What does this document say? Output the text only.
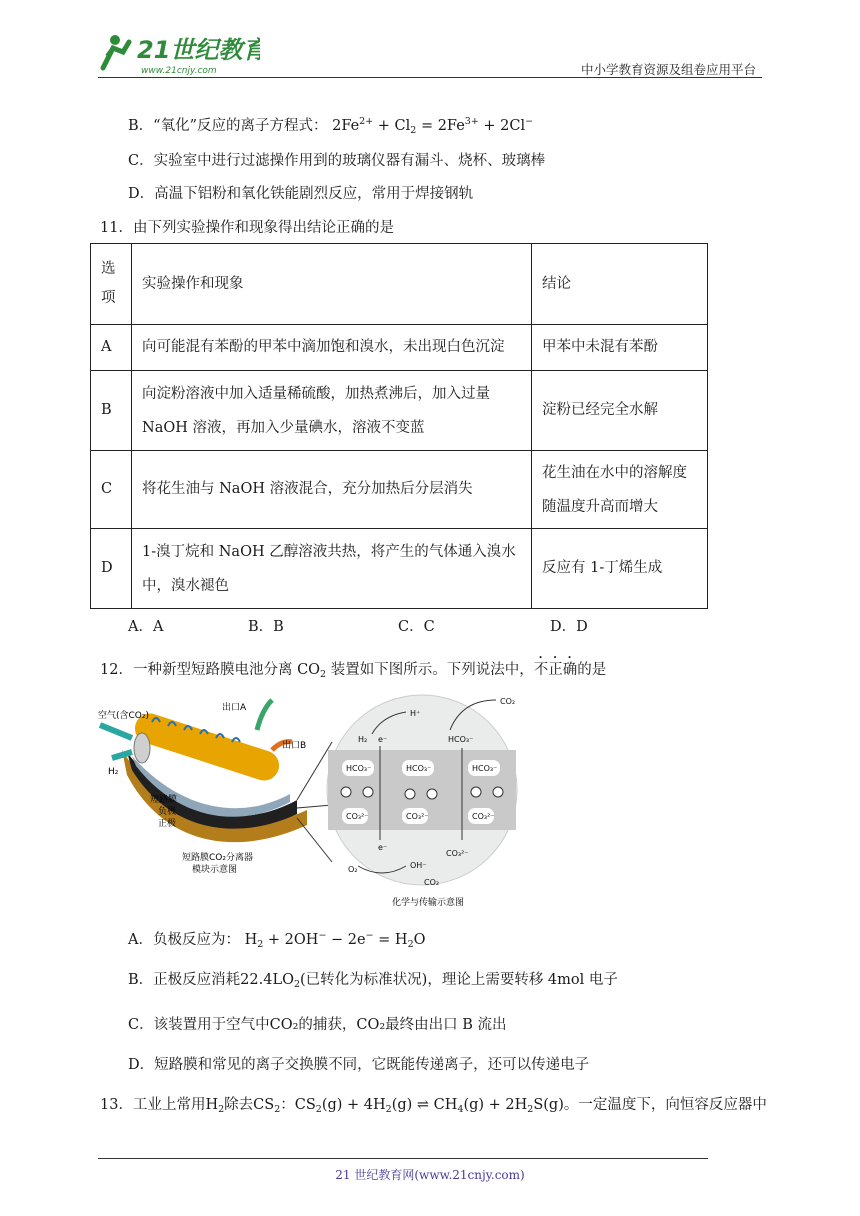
21世纪教育
www.21cnjy.com	中小学教育资源及组卷应用平台
B．“氧化”反应的离子方程式： $2Fe^{2+} + Cl_2 = 2Fe^{3+} + 2Cl^-$
C．实验室中进行过滤操作用到的玻璃仪器有漏斗、烧杯、玻璃棒
D．高温下铝粉和氧化铁能剧烈反应，常用于焊接钢轨
11．由下列实验操作和现象得出结论正确的是
选
项	实验操作和现象	结论
A	向可能混有苯酚的甲苯中滴加饱和溴水，未出现白色沉淀	甲苯中未混有苯酚
B	向淀粉溶液中加入适量稀硫酸，加热煮沸后，加入过量NaOH 溶液，再加入少量碘水，溶液不变蓝	淀粉已经完全水解
C	将花生油与 NaOH 溶液混合，充分加热后分层消失	花生油在水中的溶解度随温度升高而增大
D	1-溴丁烷和 NaOH 乙醇溶液共热，将产生的气体通入溴水中，溴水褪色	反应有 1-丁烯生成
A．A	B．B	C．C	D．D
12．一种新型短路膜电池分离 $CO_2$ 装置如下图所示。下列说法中，不正确的是
空气(含CO₂)
H₂
出口A
出口B
短路膜
负极
正极
短路膜CO₂分离器
模块示意图
HCO₃⁻	HCO₃⁻	HCO₃⁻
CO₃²⁻	CO₃²⁻	CO₃²⁻
H₂ e⁻
H⁺
CO₂
HCO₃⁻
e⁻
O₂	OH⁻
CO₃²⁻
CO₂
化学与传输示意图
A．负极反应为： $H_2 + 2OH^- - 2e^- = H_2O$
B．正极反应消耗$22.4LO_2$(已转化为标准状况)，理论上需要转移 4mol 电子
C．该装置用于空气中CO₂的捕获，CO₂最终由出口 B 流出
D．短路膜和常见的离子交换膜不同，它既能传递离子，还可以传递电子
13．工业上常用$H_2$除去$CS_2$：$CS_2(g) + 4H_2(g)$ ⇌ $CH_4(g) + 2H_2S(g)$。一定温度下，向恒容反应器中
21 世纪教育网(www.21cnjy.com)
